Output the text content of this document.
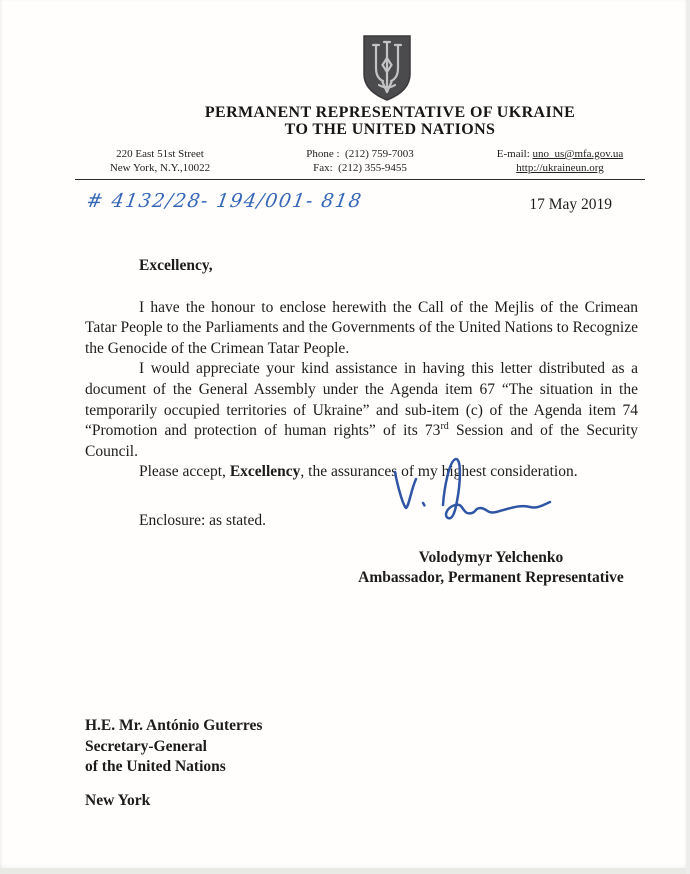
PERMANENT REPRESENTATIVE OF UKRAINE
TO THE UNITED NATIONS
220 East 51st Street
New York, N.Y.,10022
Phone : (212) 759-7003
Fax: (212) 355-9455
E-mail: uno_us@mfa.gov.ua
http://ukraineun.org
# 4132/28- 194/001- 818	17 May 2019

Excellency,

I have the honour to enclose herewith the Call of the Mejlis of the Crimean Tatar People to the Parliaments and the Governments of the United Nations to Recognize the Genocide of the Crimean Tatar People.

I would appreciate your kind assistance in having this letter distributed as a document of the General Assembly under the Agenda item 67 “The situation in the temporarily occupied territories of Ukraine” and sub-item (c) of the Agenda item 74 “Promotion and protection of human rights” of its 73rd Session and of the Security Council.

Please accept, Excellency, the assurances of my highest consideration.

Enclosure: as stated.

Volodymyr Yelchenko
Ambassador, Permanent Representative
H.E. Mr. António Guterres
Secretary-General
of the United Nations
New York
